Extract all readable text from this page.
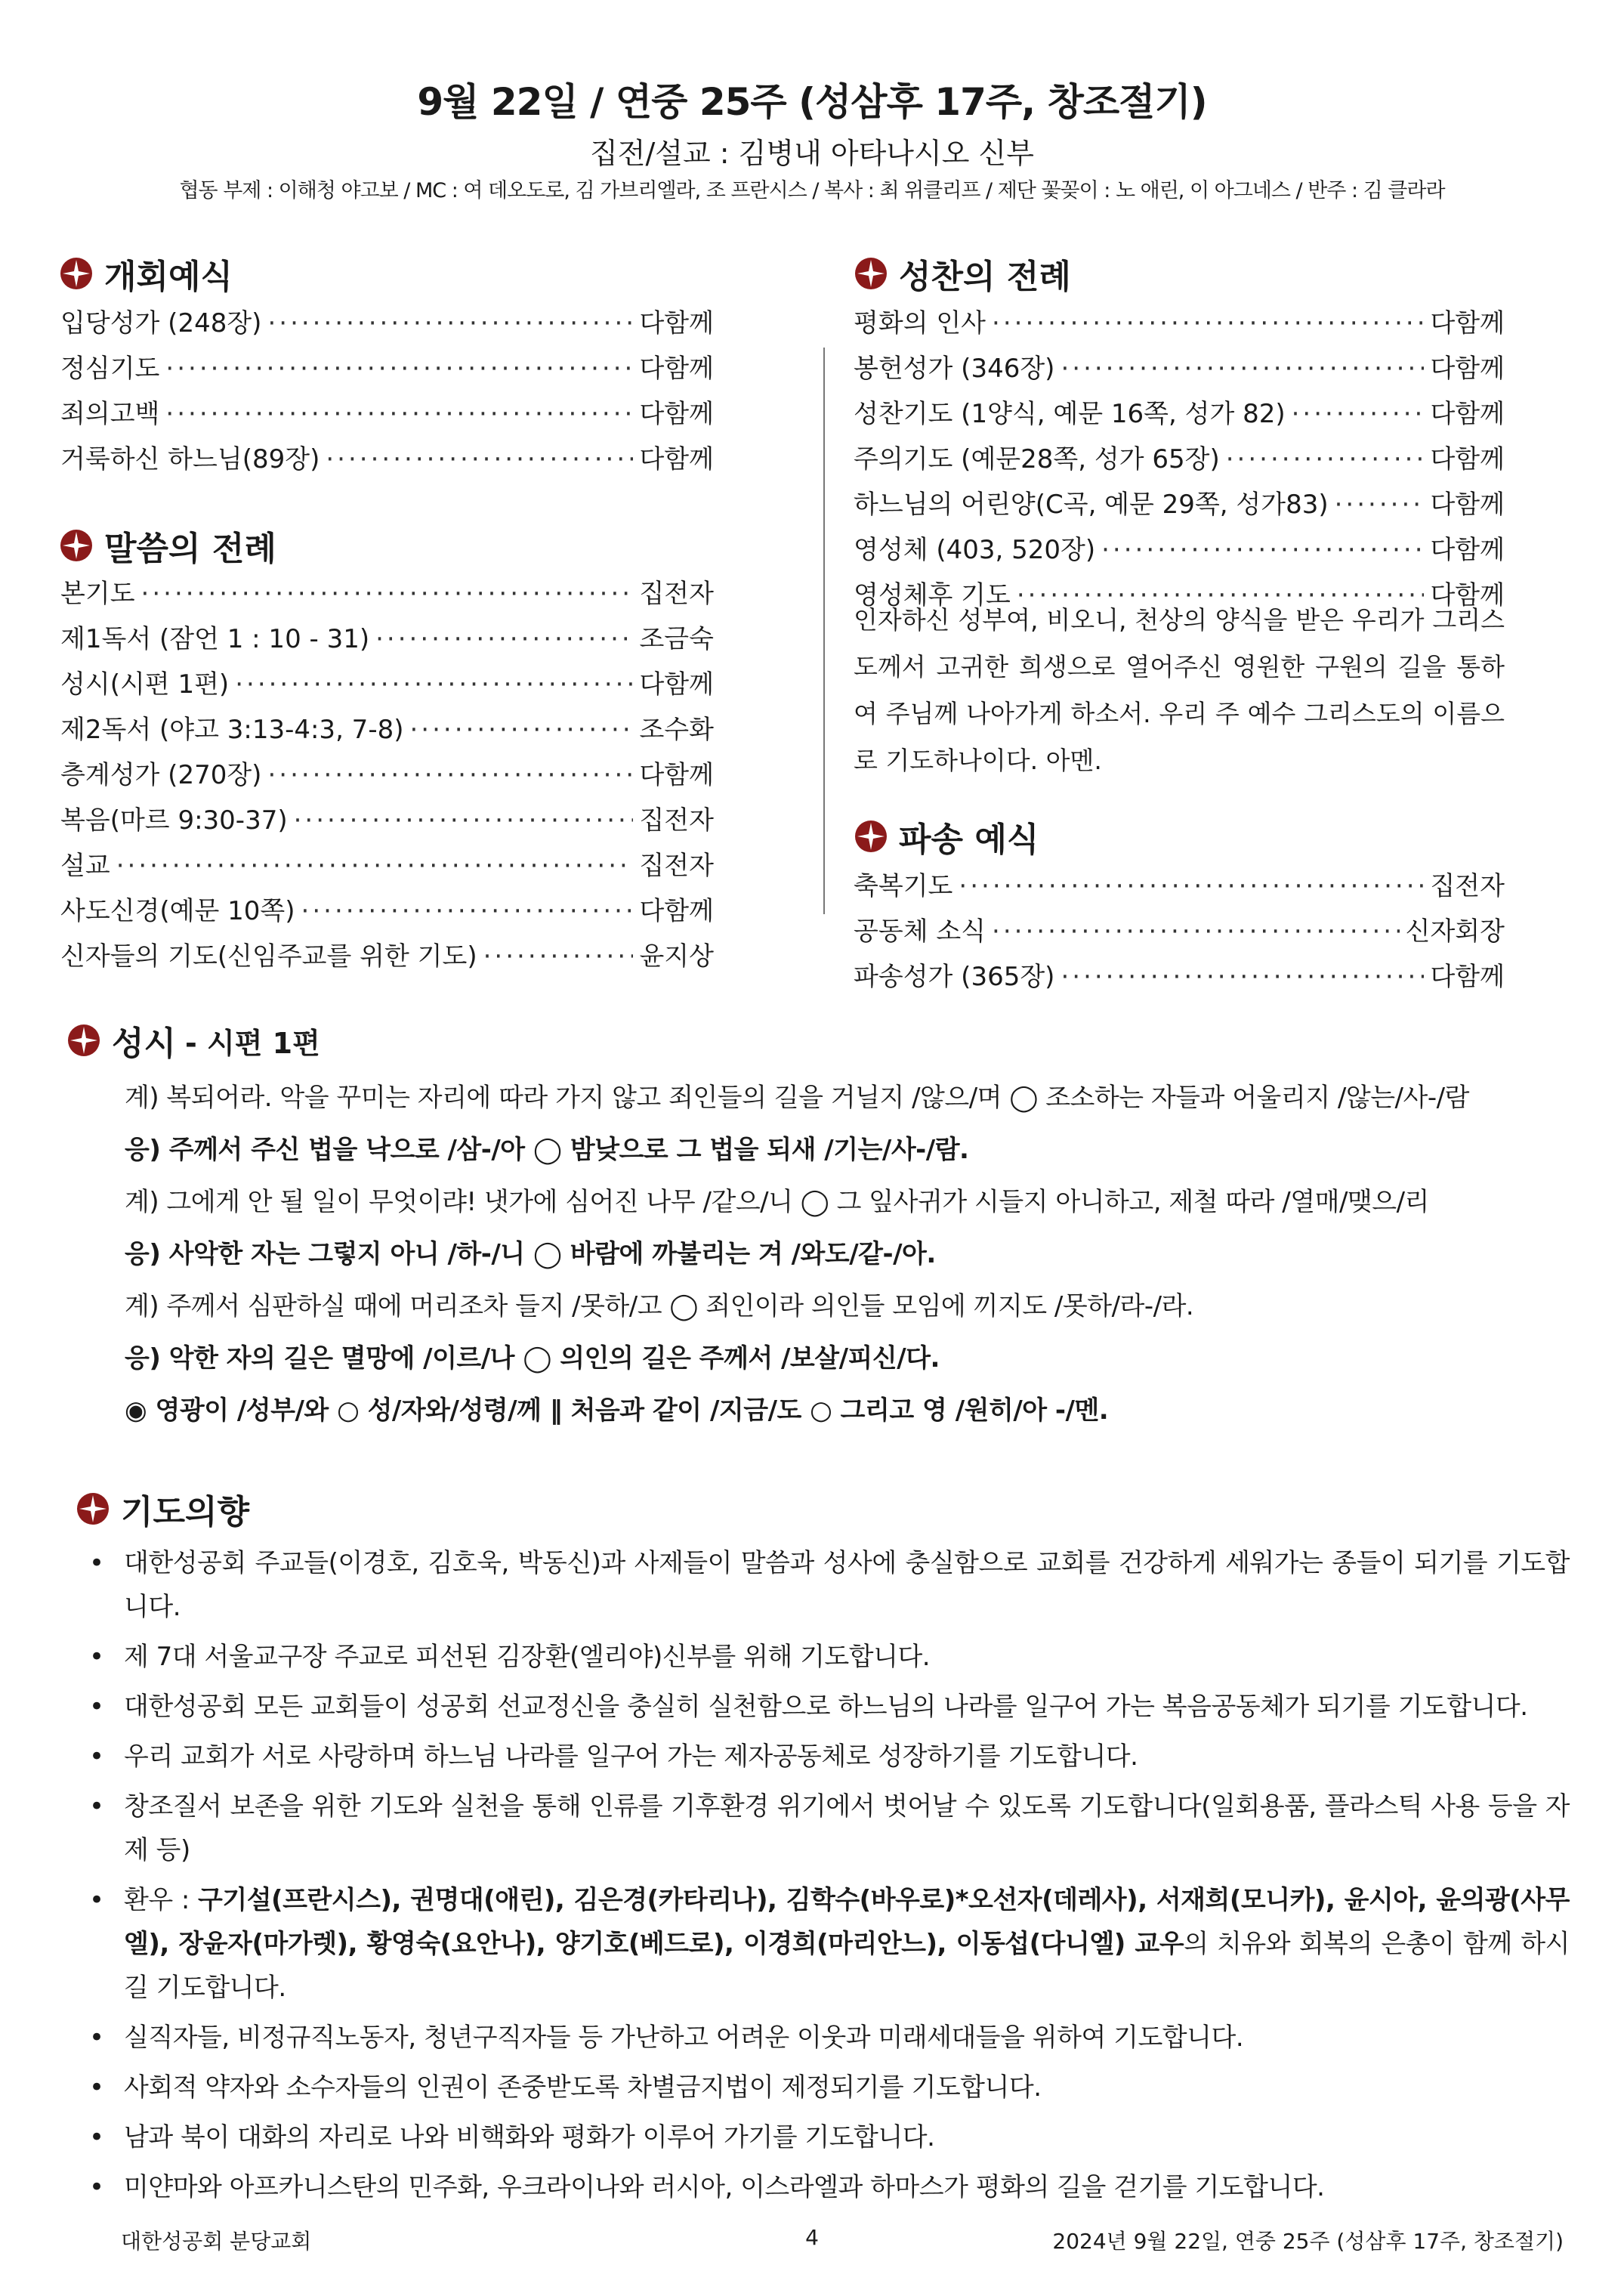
9월 22일 / 연중 25주 (성삼후 17주, 창조절기)
집전/설교 : 김병내 아타나시오 신부
협동 부제 : 이해청 야고보 / MC : 여 데오도로, 김 가브리엘라, 조 프란시스 / 복사 : 최 위클리프 / 제단 꽃꽂이 : 노 애린, 이 아그네스 / 반주 : 김 클라라
개회예식
입당성가 (248장) ·····	다함께
정심기도 ·····	다함께
죄의고백 ·····	다함께
거룩하신 하느님(89장) ·····	다함께
말씀의 전례
본기도 ·····	집전자
제1독서 (잠언 1 : 10 - 31) ·····	조금숙
성시(시편 1편) ·····	다함께
제2독서 (야고 3:13-4:3, 7-8) ·····	조수화
층계성가 (270장) ·····	다함께
복음(마르 9:30-37) ·····	집전자
설교 ·····	집전자
사도신경(예문 10쪽) ·····	다함께
신자들의 기도(신임주교를 위한 기도) ·····	윤지상
성찬의 전례
평화의 인사 ·····	다함께
봉헌성가 (346장) ·····	다함께
성찬기도 (1양식, 예문 16쪽, 성가 82) ·····	다함께
주의기도 (예문28쪽, 성가 65장) ·····	다함께
하느님의 어린양(C곡, 예문 29쪽, 성가83) ·····	다함께
영성체 (403, 520장) ·····	다함께
영성체후 기도 ·····	다함께
인자하신 성부여, 비오니, 천상의 양식을 받은 우리가 그리스도께서 고귀한 희생으로 열어주신 영원한 구원의 길을 통하여 주님께 나아가게 하소서. 우리 주 예수 그리스도의 이름으로 기도하나이다. 아멘.
파송 예식
축복기도 ·····	집전자
공동체 소식 ·····	신자회장
파송성가 (365장) ·····	다함께
성시 - 시편 1편
계) 복되어라. 악을 꾸미는 자리에 따라 가지 않고 죄인들의 길을 거닐지 /않으/며 ◯ 조소하는 자들과 어울리지 /않는/사-/람
응) 주께서 주신 법을 낙으로 /삼-/아 ◯ 밤낮으로 그 법을 되새 /기는/사-/람.
계) 그에게 안 될 일이 무엇이랴! 냇가에 심어진 나무 /같으/니 ◯ 그 잎사귀가 시들지 아니하고, 제철 따라 /열매/맺으/리
응) 사악한 자는 그렇지 아니 /하-/니 ◯ 바람에 까불리는 겨 /와도/같-/아.
계) 주께서 심판하실 때에 머리조차 들지 /못하/고 ◯ 죄인이라 의인들 모임에 끼지도 /못하/라-/라.
응) 악한 자의 길은 멸망에 /이르/나 ◯ 의인의 길은 주께서 /보살/피신/다.
◉ 영광이 /성부/와 ○ 성/자와/성령/께 ‖ 처음과 같이 /지금/도 ○ 그리고 영 /원히/아 -/멘.
기도의향
• 대한성공회 주교들(이경호, 김호욱, 박동신)과 사제들이 말씀과 성사에 충실함으로 교회를 건강하게 세워가는 종들이 되기를 기도합니다.
• 제 7대 서울교구장 주교로 피선된 김장환(엘리야)신부를 위해 기도합니다.
• 대한성공회 모든 교회들이 성공회 선교정신을 충실히 실천함으로 하느님의 나라를 일구어 가는 복음공동체가 되기를 기도합니다.
• 우리 교회가 서로 사랑하며 하느님 나라를 일구어 가는 제자공동체로 성장하기를 기도합니다.
• 창조질서 보존을 위한 기도와 실천을 통해 인류를 기후환경 위기에서 벗어날 수 있도록 기도합니다(일회용품, 플라스틱 사용 등을 자제 등)
• 환우 : 구기설(프란시스), 권명대(애린), 김은경(카타리나), 김학수(바우로)*오선자(데레사), 서재희(모니카), 윤시아, 윤의광(사무엘), 장윤자(마가렛), 황영숙(요안나), 양기호(베드로), 이경희(마리안느), 이동섭(다니엘) 교우의 치유와 회복의 은총이 함께 하시길 기도합니다.
• 실직자들, 비정규직노동자, 청년구직자들 등 가난하고 어려운 이웃과 미래세대들을 위하여 기도합니다.
• 사회적 약자와 소수자들의 인권이 존중받도록 차별금지법이 제정되기를 기도합니다.
• 남과 북이 대화의 자리로 나와 비핵화와 평화가 이루어 가기를 기도합니다.
• 미얀마와 아프카니스탄의 민주화, 우크라이나와 러시아, 이스라엘과 하마스가 평화의 길을 걷기를 기도합니다.
대한성공회 분당교회	4	2024년 9월 22일, 연중 25주 (성삼후 17주, 창조절기)
